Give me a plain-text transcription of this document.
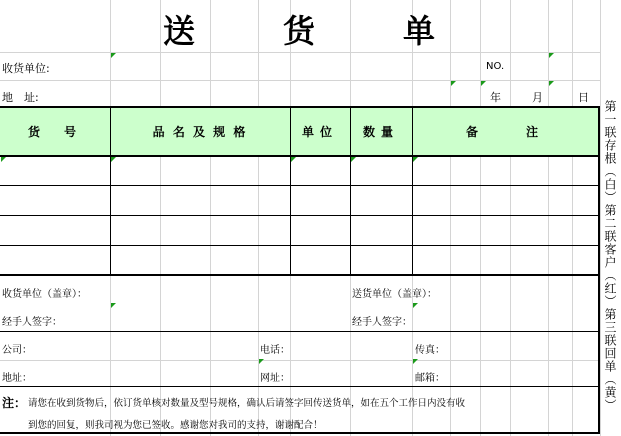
送	货	单
收货单位:	NO.
地　址:	年	月	日
货　号	品 名 及 规 格	单位	数量	备　　注
收货单位（盖章）：	送货单位（盖章）：
经手人签字：	经手人签字：
公司：	电话：	传真：
地址：	网址：	邮箱：
注： 请您在收到货物后，依订货单核对数量及型号规格，确认后请签字回传送货单，如在五个工作日内没有收
到您的回复，则我司视为您已签收。感谢您对我司的支持，谢谢配合！
第一联存根（白）第二联客户（红）第三联回单（黄）
